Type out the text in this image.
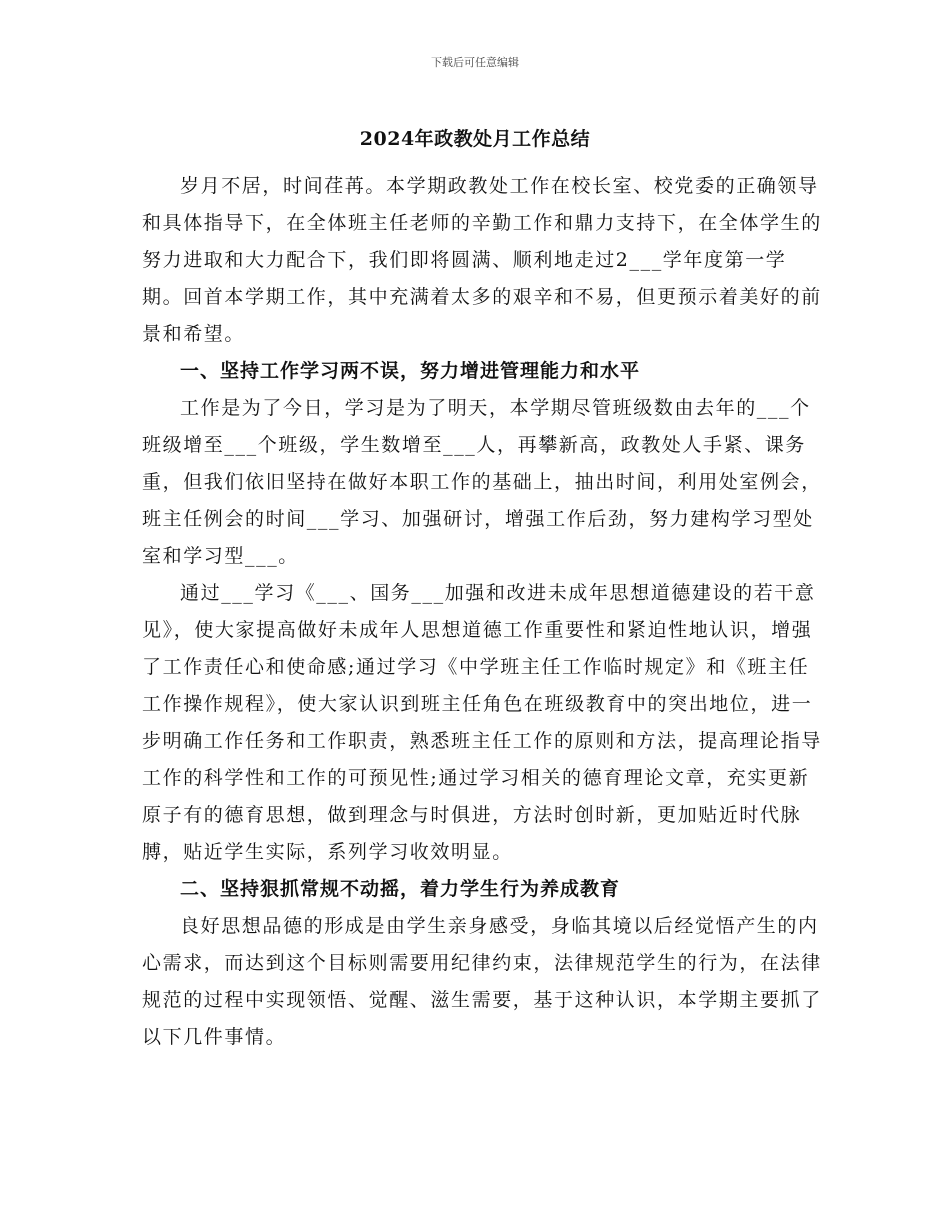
下载后可任意编辑
2024年政教处月工作总结

岁月不居，时间荏苒。本学期政教处工作在校长室、校党委的正确领导和具体指导下，在全体班主任老师的辛勤工作和鼎力支持下，在全体学生的努力进取和大力配合下，我们即将圆满、顺利地走过2___学年度第一学期。回首本学期工作，其中充满着太多的艰辛和不易，但更预示着美好的前景和希望。

一、坚持工作学习两不误，努力增进管理能力和水平

工作是为了今日，学习是为了明天，本学期尽管班级数由去年的___个班级增至___个班级，学生数增至___人，再攀新高，政教处人手紧、课务重，但我们依旧坚持在做好本职工作的基础上，抽出时间，利用处室例会，班主任例会的时间___学习、加强研讨，增强工作后劲，努力建构学习型处室和学习型___。

通过___学习《___、国务___加强和改进未成年思想道德建设的若干意见》，使大家提高做好未成年人思想道德工作重要性和紧迫性地认识，增强了工作责任心和使命感;通过学习《中学班主任工作临时规定》和《班主任工作操作规程》，使大家认识到班主任角色在班级教育中的突出地位，进一步明确工作任务和工作职责，熟悉班主任工作的原则和方法，提高理论指导工作的科学性和工作的可预见性;通过学习相关的德育理论文章，充实更新原子有的德育思想，做到理念与时俱进，方法时创时新，更加贴近时代脉膊，贴近学生实际，系列学习收效明显。

二、坚持狠抓常规不动摇，着力学生行为养成教育

良好思想品德的形成是由学生亲身感受，身临其境以后经觉悟产生的内心需求，而达到这个目标则需要用纪律约束，法律规范学生的行为，在法律规范的过程中实现领悟、觉醒、滋生需要，基于这种认识，本学期主要抓了以下几件事情。
